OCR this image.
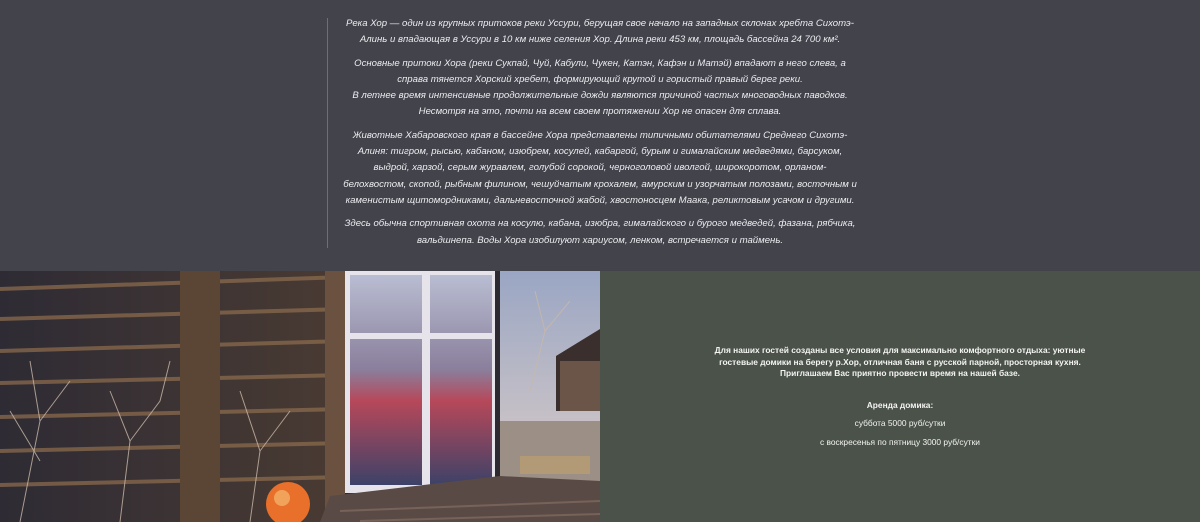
Река Хор — один из крупных притоков реки Уссури, берущая свое начало на западных склонах хребта Сихотэ-Алинь и впадающая в Уссури в 10 км ниже селения Хор. Длина реки 453 км, площадь бассейна 24 700 км².

Основные притоки Хора (реки Сукпай, Чуй, Кабули, Чукен, Катэн, Кафэн и Матэй) впадают в него слева, а справа тянется Хорский хребет, формирующий крутой и гористый правый берег реки.

В летнее время интенсивные продолжительные дожди являются причиной частых многоводных паводков.

Несмотря на это, почти на всем своем протяжении Хор не опасен для сплава.

Животные Хабаровского края в бассейне Хора представлены типичными обитателями Среднего Сихотэ-Алиня: тигром, рысью, кабаном, изюбрем, косулей, кабаргой, бурым и гималайским медведями, барсуком, выдрой, харзой, серым журавлем, голубой сорокой, черноголовой иволгой, широкоротом, орланом-белохвостом, скопой, рыбным филином, чешуйчатым крохалем, амурским и узорчатым полозами, восточным и каменистым щитомордниками, дальневосточной жабой, хвостоносцем Маака, реликтовым усачом и другими.

Здесь обычна спортивная охота на косулю, кабана, изюбра, гималайского и бурого медведей, фазана, рябчика, вальдшнепа. Воды Хора изобилуют хариусом, ленком, встречается и таймень.

Для наших гостей созданы все условия для максимально комфортного отдыха: уютные
гостевые домики на берегу р.Хор, отличная баня с русской парной, просторная кухня.
Приглашаем Вас приятно провести время на нашей базе.
Аренда домика:
суббота 5000 руб/сутки
с воскресенья по пятницу 3000 руб/сутки
